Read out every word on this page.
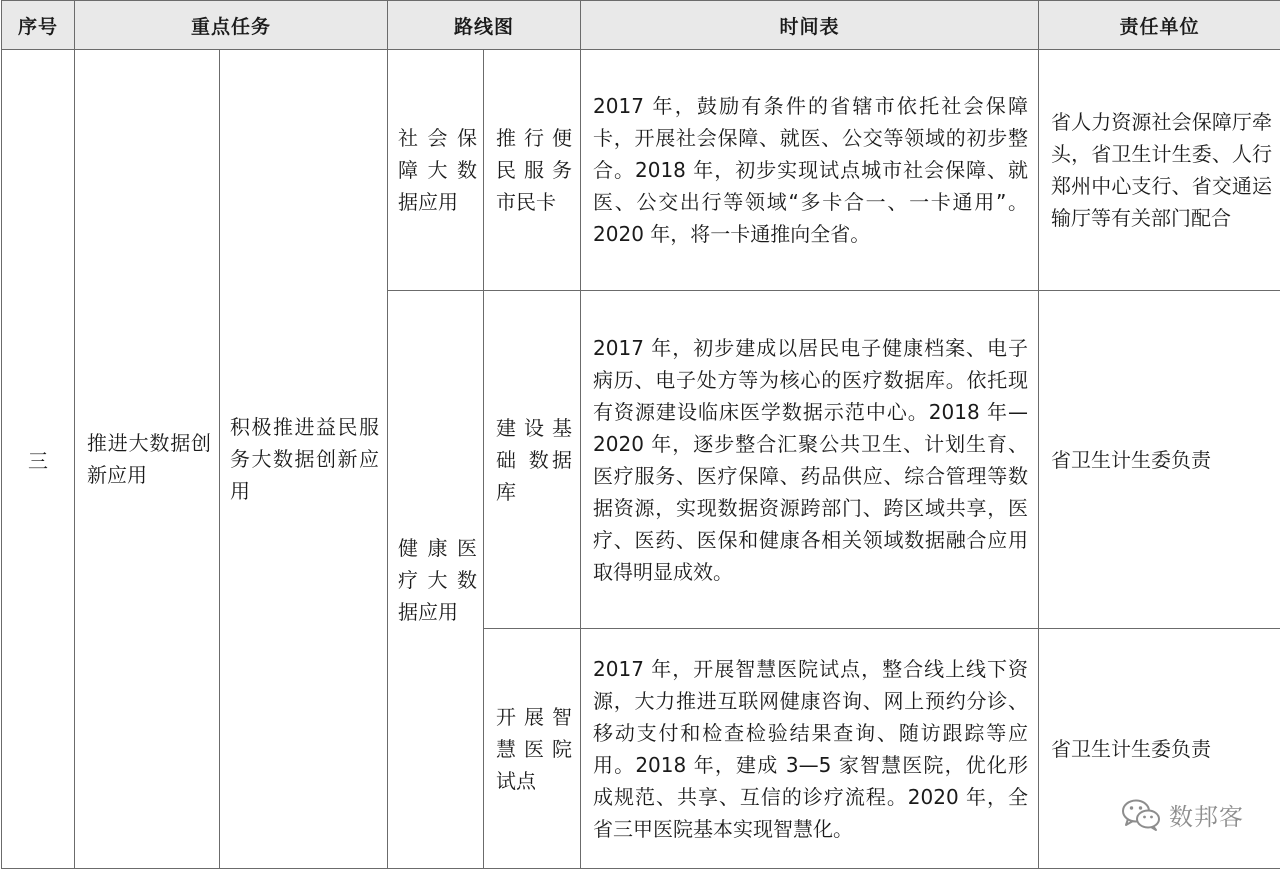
序号	重点任务		路线图		时间表	责任单位
三	推进大数据创新应用	积极推进益民服务大数据创新应用	社会保障大数据应用	推行便民服务市民卡	2017 年，鼓励有条件的省辖市依托社会保障卡，开展社会保障、就医、公交等领域的初步整合。2018 年，初步实现试点城市社会保障、就医、公交出行等领域“多卡合一、一卡通用”。2020 年，将一卡通推向全省。	省人力资源社会保障厅牵头，省卫生计生委、人行郑州中心支行、省交通运输厅等有关部门配合
			健康医疗大数据应用	建设基础 数据库	2017 年，初步建成以居民电子健康档案、电子病历、电子处方等为核心的医疗数据库。依托现有资源建设临床医学数据示范中心。2018 年—2020 年，逐步整合汇聚公共卫生、计划生育、医疗服务、医疗保障、药品供应、综合管理等数据资源，实现数据资源跨部门、跨区域共享，医疗、医药、医保和健康各相关领域数据融合应用取得明显成效。	省卫生计生委负责
				开展智慧医院试点	2017 年，开展智慧医院试点，整合线上线下资源，大力推进互联网健康咨询、网上预约分诊、移动支付和检查检验结果查询、随访跟踪等应用。2018 年，建成 3—5 家智慧医院，优化形成规范、共享、互信的诊疗流程。2020 年，全省三甲医院基本实现智慧化。	省卫生计生委负责
数邦客
